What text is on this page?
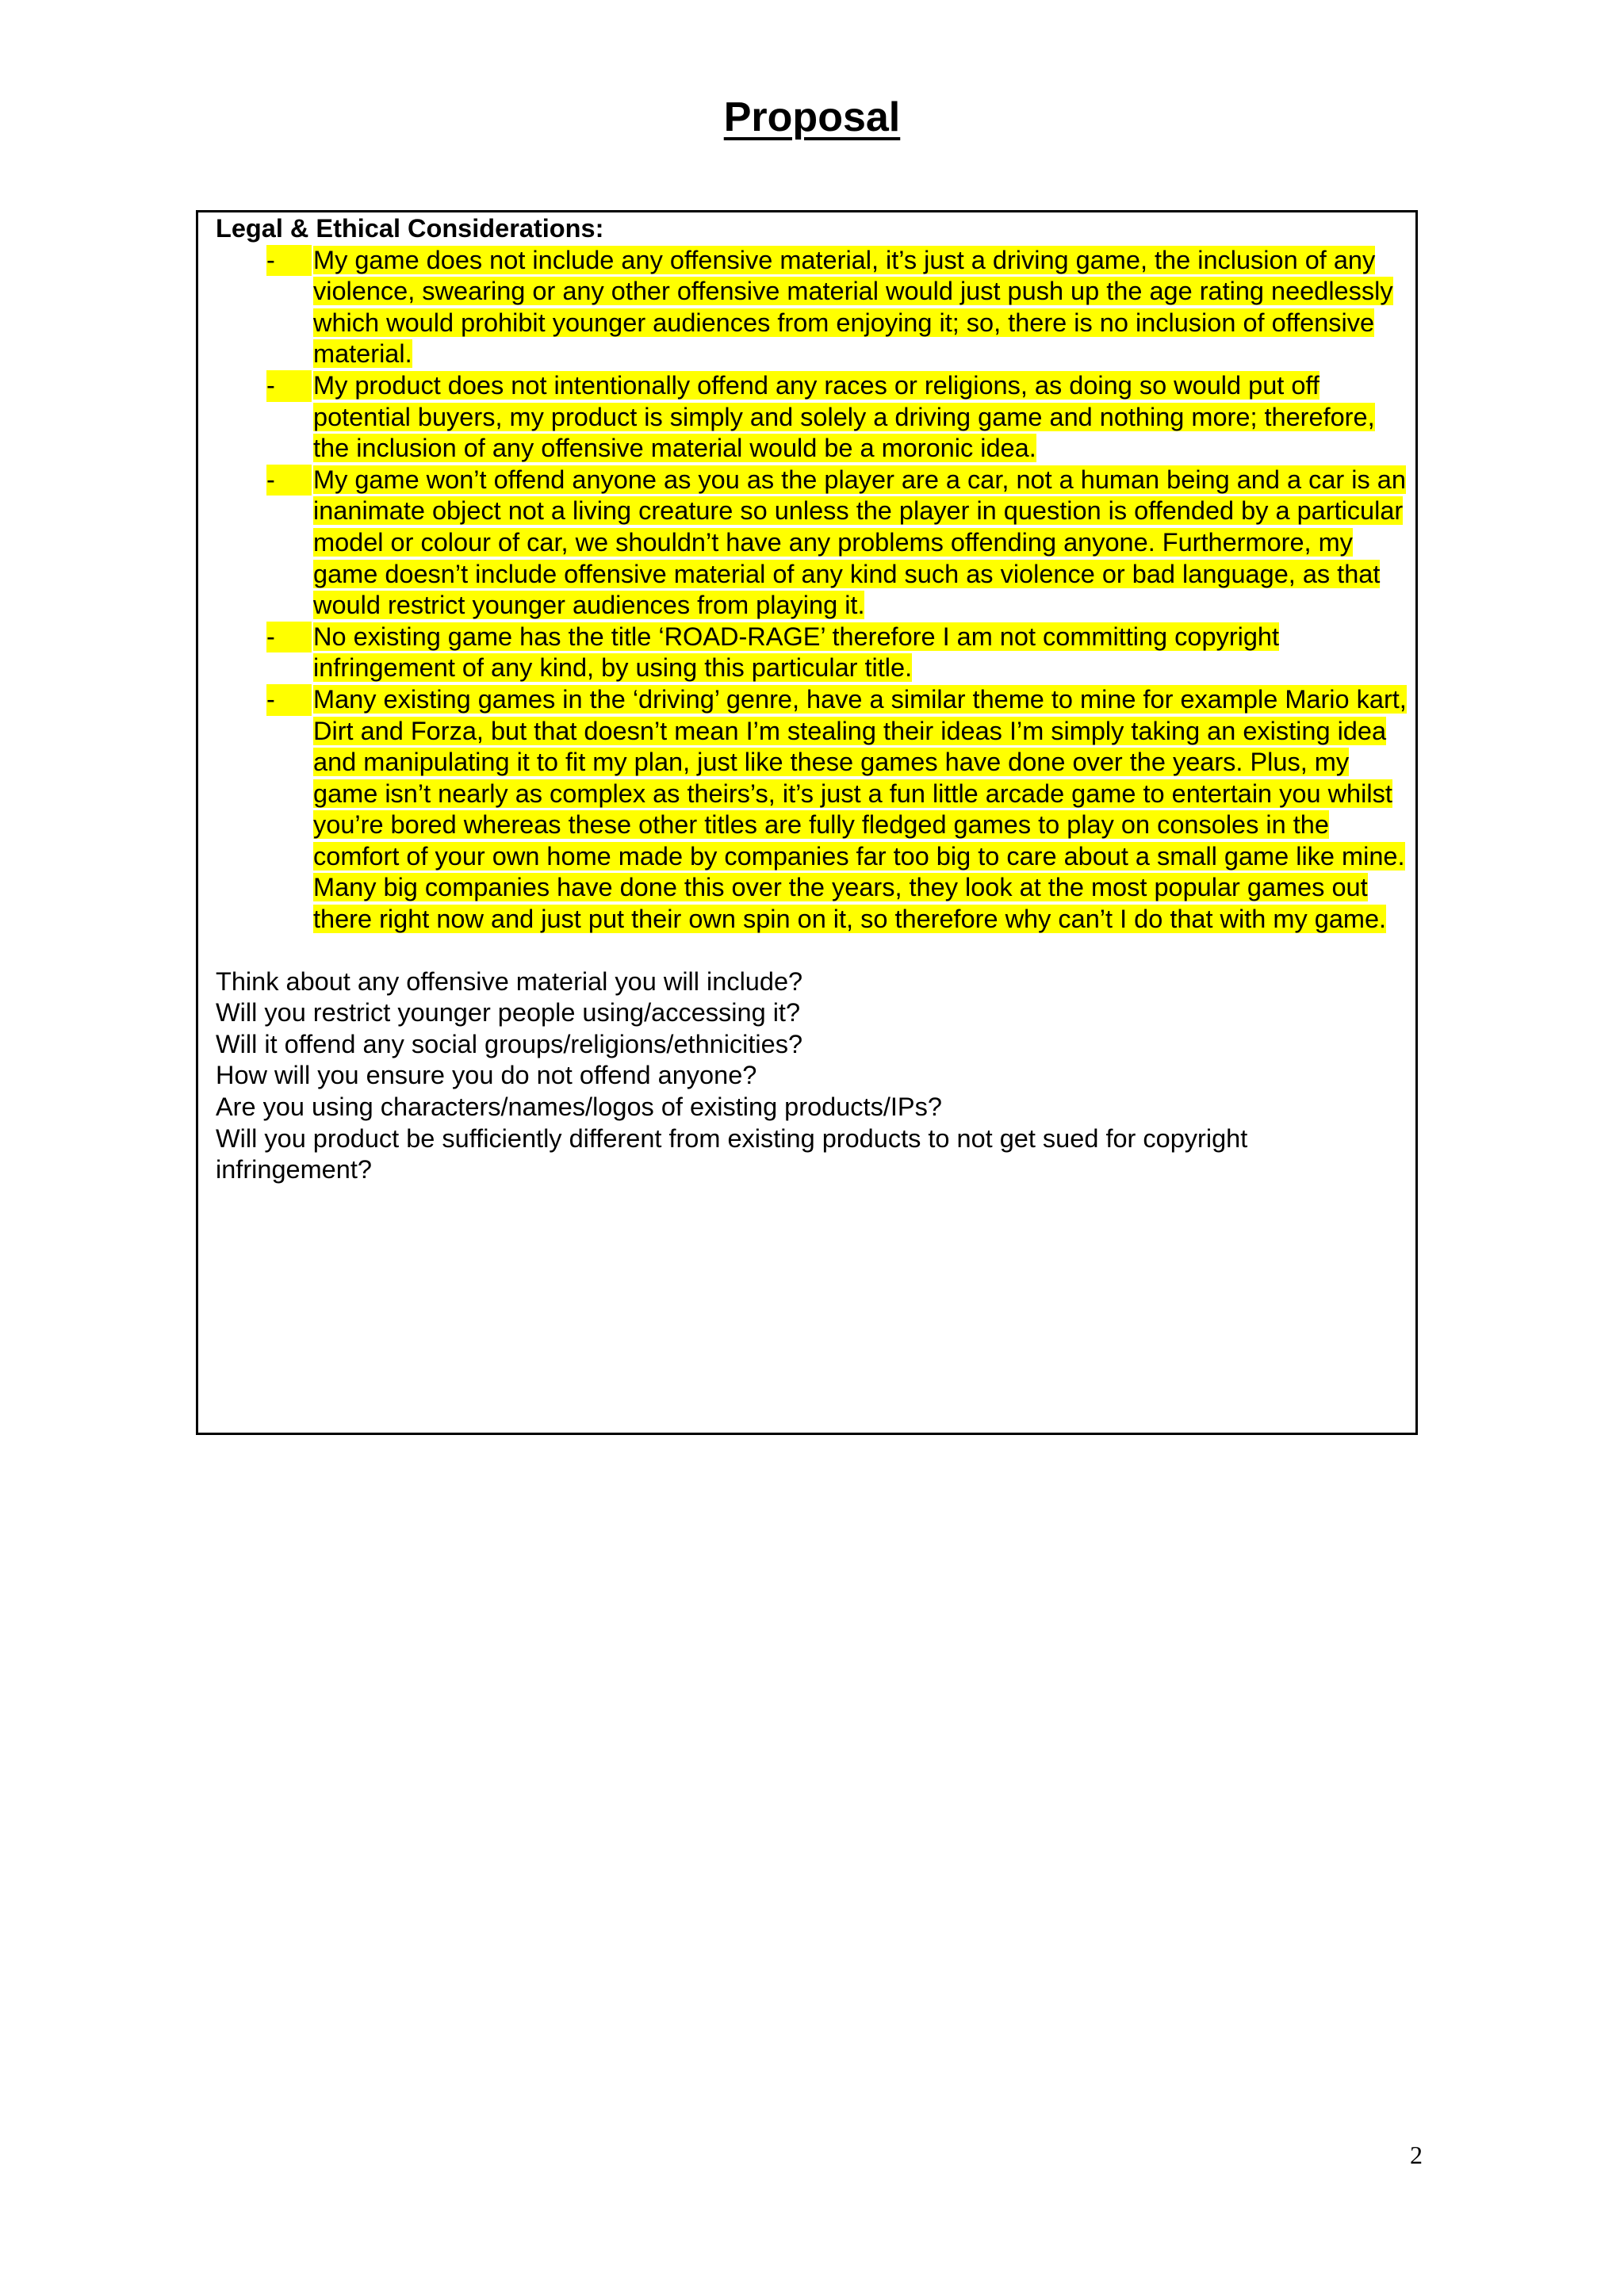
Proposal
Legal & Ethical Considerations:
- My game does not include any offensive material, it’s just a driving game, the inclusion of any violence, swearing or any other offensive material would just push up the age rating needlessly which would prohibit younger audiences from enjoying it; so, there is no inclusion of offensive material.
- My product does not intentionally offend any races or religions, as doing so would put off potential buyers, my product is simply and solely a driving game and nothing more; therefore, the inclusion of any offensive material would be a moronic idea.
- My game won’t offend anyone as you as the player are a car, not a human being and a car is an inanimate object not a living creature so unless the player in question is offended by a particular model or colour of car, we shouldn’t have any problems offending anyone. Furthermore, my game doesn’t include offensive material of any kind such as violence or bad language, as that would restrict younger audiences from playing it.
- No existing game has the title ‘ROAD-RAGE’ therefore I am not committing copyright infringement of any kind, by using this particular title.
- Many existing games in the ‘driving’ genre, have a similar theme to mine for example Mario kart, Dirt and Forza, but that doesn’t mean I’m stealing their ideas I’m simply taking an existing idea and manipulating it to fit my plan, just like these games have done over the years. Plus, my game isn’t nearly as complex as theirs’s, it’s just a fun little arcade game to entertain you whilst you’re bored whereas these other titles are fully fledged games to play on consoles in the comfort of your own home made by companies far too big to care about a small game like mine. Many big companies have done this over the years, they look at the most popular games out there right now and just put their own spin on it, so therefore why can’t I do that with my game.
Think about any offensive material you will include?
Will you restrict younger people using/accessing it?
Will it offend any social groups/religions/ethnicities?
How will you ensure you do not offend anyone?
Are you using characters/names/logos of existing products/IPs?
Will you product be sufficiently different from existing products to not get sued for copyright infringement?
2
